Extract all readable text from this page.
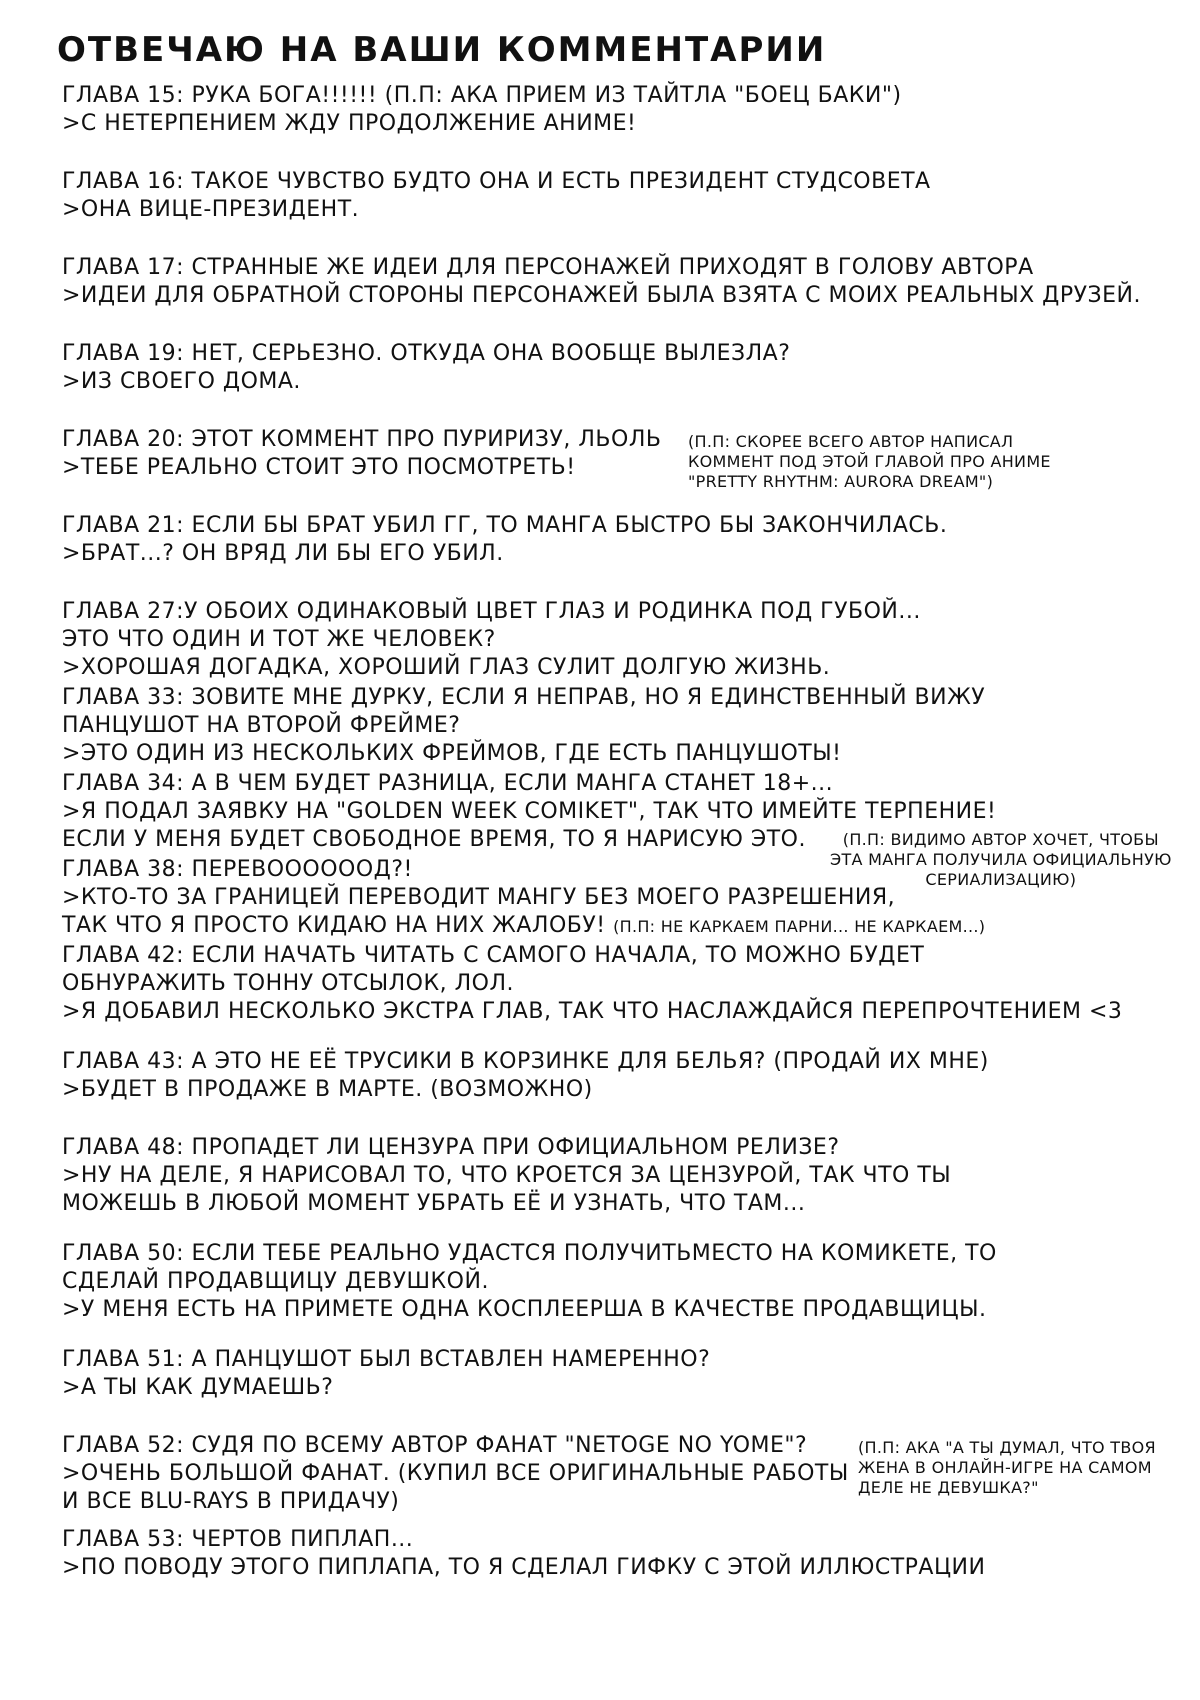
ОТВЕЧАЮ НА ВАШИ КОММЕНТАРИИ
ГЛАВА 15: РУКА БОГА!!!!!! (П.П: АКА ПРИЕМ ИЗ ТАЙТЛА "БОЕЦ БАКИ")
>С НЕТЕРПЕНИЕМ ЖДУ ПРОДОЛЖЕНИЕ АНИМЕ!
ГЛАВА 16: ТАКОЕ ЧУВСТВО БУДТО ОНА И ЕСТЬ ПРЕЗИДЕНТ СТУДСОВЕТА
>ОНА ВИЦЕ-ПРЕЗИДЕНТ.
ГЛАВА 17: СТРАННЫЕ ЖЕ ИДЕИ ДЛЯ ПЕРСОНАЖЕЙ ПРИХОДЯТ В ГОЛОВУ АВТОРА
>ИДЕИ ДЛЯ ОБРАТНОЙ СТОРОНЫ ПЕРСОНАЖЕЙ БЫЛА ВЗЯТА С МОИХ РЕАЛЬНЫХ ДРУЗЕЙ.
ГЛАВА 19: НЕТ, СЕРЬЕЗНО. ОТКУДА ОНА ВООБЩЕ ВЫЛЕЗЛА?
>ИЗ СВОЕГО ДОМА.
ГЛАВА 20: ЭТОТ КОММЕНТ ПРО ПУРИРИЗУ, ЛЬОЛЬ
>ТЕБЕ РЕАЛЬНО СТОИТ ЭТО ПОСМОТРЕТЬ!
(П.П: СКОРЕЕ ВСЕГО АВТОР НАПИСАЛ
КОММЕНТ ПОД ЭТОЙ ГЛАВОЙ ПРО АНИМЕ
"PRETTY RHYTHM: AURORA DREAM")
ГЛАВА 21: ЕСЛИ БЫ БРАТ УБИЛ ГГ, ТО МАНГА БЫСТРО БЫ ЗАКОНЧИЛАСЬ.
>БРАТ...? ОН ВРЯД ЛИ БЫ ЕГО УБИЛ.
ГЛАВА 27:У ОБОИХ ОДИНАКОВЫЙ ЦВЕТ ГЛАЗ И РОДИНКА ПОД ГУБОЙ...
ЭТО ЧТО ОДИН И ТОТ ЖЕ ЧЕЛОВЕК?
>ХОРОШАЯ ДОГАДКА, ХОРОШИЙ ГЛАЗ СУЛИТ ДОЛГУЮ ЖИЗНЬ.
ГЛАВА 33: ЗОВИТЕ МНЕ ДУРКУ, ЕСЛИ Я НЕПРАВ, НО Я ЕДИНСТВЕННЫЙ ВИЖУ
ПАНЦУШОТ НА ВТОРОЙ ФРЕЙМЕ?
>ЭТО ОДИН ИЗ НЕСКОЛЬКИХ ФРЕЙМОВ, ГДЕ ЕСТЬ ПАНЦУШОТЫ!
ГЛАВА 34: А В ЧЕМ БУДЕТ РАЗНИЦА, ЕСЛИ МАНГА СТАНЕТ 18+...
>Я ПОДАЛ ЗАЯВКУ НА "GOLDEN WEEK COMIKET", ТАК ЧТО ИМЕЙТЕ ТЕРПЕНИЕ!
ЕСЛИ У МЕНЯ БУДЕТ СВОБОДНОЕ ВРЕМЯ, ТО Я НАРИСУЮ ЭТО.	(П.П: ВИДИМО АВТОР ХОЧЕТ, ЧТОБЫ
ЭТА МАНГА ПОЛУЧИЛА ОФИЦИАЛЬНУЮ
СЕРИАЛИЗАЦИЮ)
ГЛАВА 38: ПЕРЕВООООООД?!
>КТО-ТО ЗА ГРАНИЦЕЙ ПЕРЕВОДИТ МАНГУ БЕЗ МОЕГО РАЗРЕШЕНИЯ,
ТАК ЧТО Я ПРОСТО КИДАЮ НА НИХ ЖАЛОБУ! (П.П: НЕ КАРКАЕМ ПАРНИ... НЕ КАРКАЕМ...)
ГЛАВА 42: ЕСЛИ НАЧАТЬ ЧИТАТЬ С САМОГО НАЧАЛА, ТО МОЖНО БУДЕТ
ОБНУРАЖИТЬ ТОННУ ОТСЫЛОК, ЛОЛ.
>Я ДОБАВИЛ НЕСКОЛЬКО ЭКСТРА ГЛАВ, ТАК ЧТО НАСЛАЖДАЙСЯ ПЕРЕПРОЧТЕНИЕМ <3
ГЛАВА 43: А ЭТО НЕ ЕЁ ТРУСИКИ В КОРЗИНКЕ ДЛЯ БЕЛЬЯ? (ПРОДАЙ ИХ МНЕ)
>БУДЕТ В ПРОДАЖЕ В МАРТЕ. (ВОЗМОЖНО)
ГЛАВА 48: ПРОПАДЕТ ЛИ ЦЕНЗУРА ПРИ ОФИЦИАЛЬНОМ РЕЛИЗЕ?
>НУ НА ДЕЛЕ, Я НАРИСОВАЛ ТО, ЧТО КРОЕТСЯ ЗА ЦЕНЗУРОЙ, ТАК ЧТО ТЫ
МОЖЕШЬ В ЛЮБОЙ МОМЕНТ УБРАТЬ ЕЁ И УЗНАТЬ, ЧТО ТАМ...
ГЛАВА 50: ЕСЛИ ТЕБЕ РЕАЛЬНО УДАСТСЯ ПОЛУЧИТЬМЕСТО НА КОМИКЕТЕ, ТО
СДЕЛАЙ ПРОДАВЩИЦУ ДЕВУШКОЙ.
>У МЕНЯ ЕСТЬ НА ПРИМЕТЕ ОДНА КОСПЛЕЕРША В КАЧЕСТВЕ ПРОДАВЩИЦЫ.
ГЛАВА 51: А ПАНЦУШОТ БЫЛ ВСТАВЛЕН НАМЕРЕННО?
>А ТЫ КАК ДУМАЕШЬ?
ГЛАВА 52: СУДЯ ПО ВСЕМУ АВТОР ФАНАТ "NETOGE NO YOME"?
>ОЧЕНЬ БОЛЬШОЙ ФАНАТ. (КУПИЛ ВСЕ ОРИГИНАЛЬНЫЕ РАБОТЫ
И ВСЕ BLU-RAYS В ПРИДАЧУ)
(П.П: АКА "А ТЫ ДУМАЛ, ЧТО ТВОЯ
ЖЕНА В ОНЛАЙН-ИГРЕ НА САМОМ
ДЕЛЕ НЕ ДЕВУШКА?"
ГЛАВА 53: ЧЕРТОВ ПИПЛАП...
>ПО ПОВОДУ ЭТОГО ПИПЛАПА, ТО Я СДЕЛАЛ ГИФКУ С ЭТОЙ ИЛЛЮСТРАЦИИ
